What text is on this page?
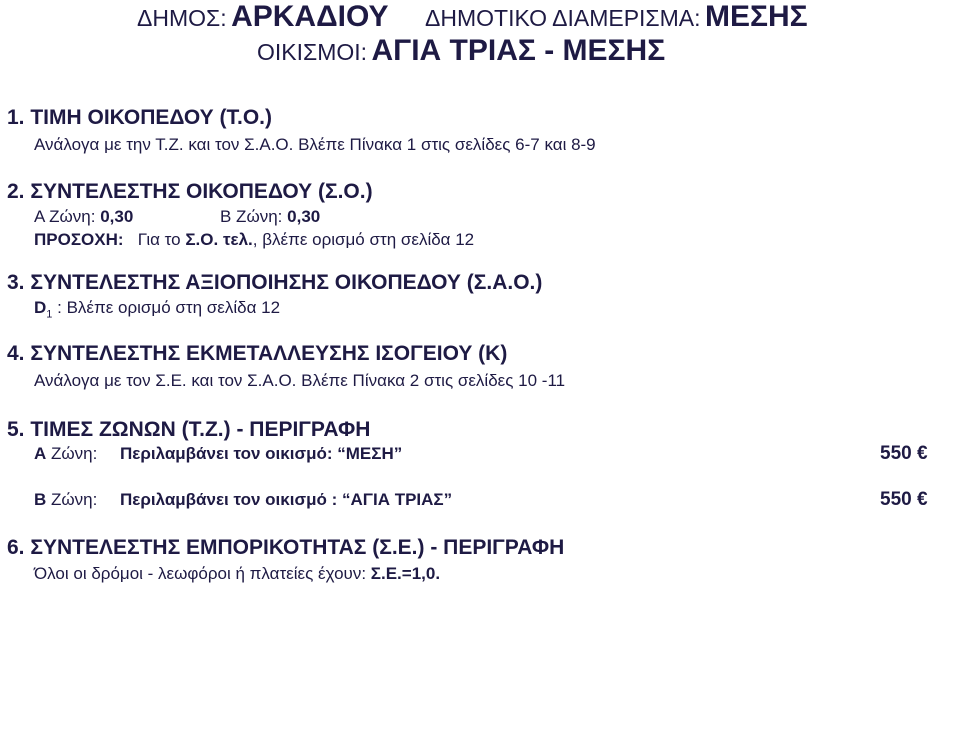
ΔΗΜΟΣ: ΑΡΚΑΔΙΟΥ ΔΗΜΟΤΙΚΟ ΔΙΑΜΕΡΙΣΜΑ: ΜΕΣΗΣ
ΟΙΚΙΣΜΟΙ: ΑΓΙΑ ΤΡΙΑΣ - ΜΕΣΗΣ
1. ΤΙΜΗ ΟΙΚΟΠΕΔΟΥ (Τ.Ο.)
Ανάλογα με την Τ.Ζ. και τον Σ.Α.Ο. Βλέπε Πίνακα 1 στις σελίδες 6-7 και 8-9
2. ΣΥΝΤΕΛΕΣΤΗΣ ΟΙΚΟΠΕΔΟΥ (Σ.Ο.)
Α Ζώνη: 0,30	Β Ζώνη: 0,30
ΠΡΟΣΟΧΗ: Για το Σ.Ο. τελ., βλέπε ορισμό στη σελίδα 12
3. ΣΥΝΤΕΛΕΣΤΗΣ ΑΞΙΟΠΟΙΗΣΗΣ ΟΙΚΟΠΕΔΟΥ (Σ.Α.Ο.)
$D_1$ : Βλέπε ορισμό στη σελίδα 12
4. ΣΥΝΤΕΛΕΣΤΗΣ ΕΚΜΕΤΑΛΛΕΥΣΗΣ ΙΣΟΓΕΙΟΥ (Κ)
Ανάλογα με τον Σ.Ε. και τον Σ.Α.Ο. Βλέπε Πίνακα 2 στις σελίδες 10 -11
5. ΤΙΜΕΣ ΖΩΝΩΝ (Τ.Ζ.) - ΠΕΡΙΓΡΑΦΗ
Α Ζώνη: Περιλαμβάνει τον οικισμό: “ΜΕΣΗ”	550 €
Β Ζώνη: Περιλαμβάνει τον οικισμό : “ΑΓΙΑ ΤΡΙΑΣ”	550 €
6. ΣΥΝΤΕΛΕΣΤΗΣ ΕΜΠΟΡΙΚΟΤΗΤΑΣ (Σ.Ε.) - ΠΕΡΙΓΡΑΦΗ
Όλοι οι δρόμοι - λεωφόροι ή πλατείες έχουν: Σ.Ε.=1,0.
